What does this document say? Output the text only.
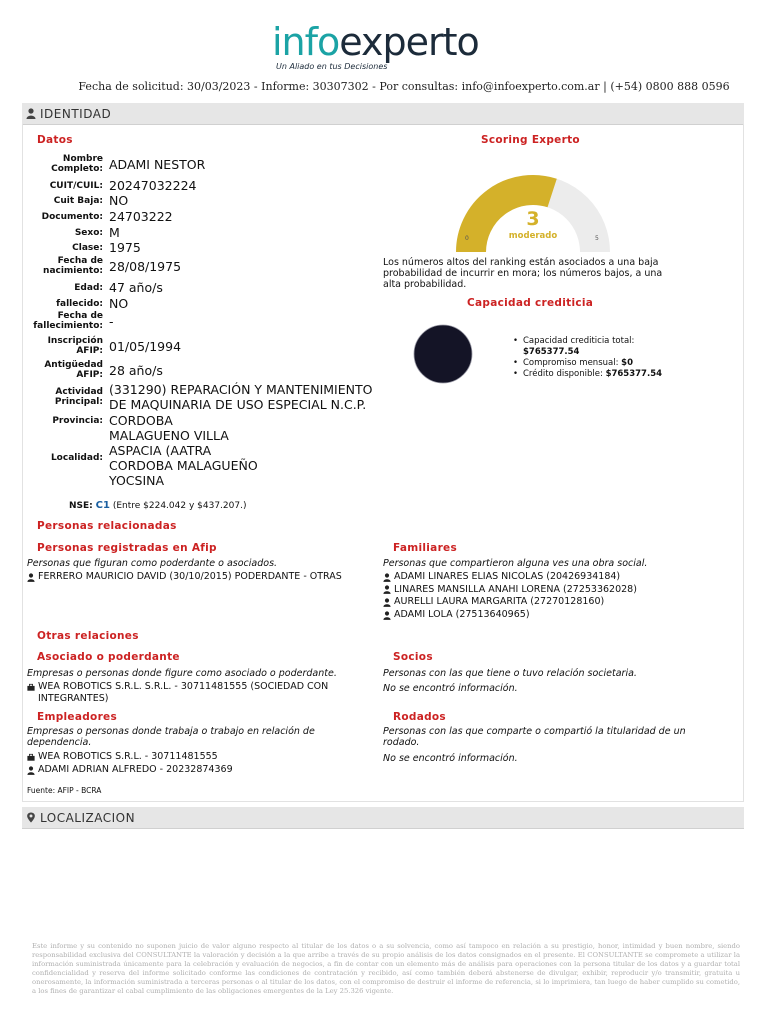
infoexperto
Un Aliado en tus Decisiones
Fecha de solicitud: 30/03/2023 - Informe: 30307302 - Por consultas: info@infoexperto.com.ar | (+54) 0800 888 0596
IDENTIDAD
Datos
Nombre Completo: ADAMI NESTOR
CUIT/CUIL: 20247032224
Cuit Baja: NO
Documento: 24703222
Sexo: M
Clase: 1975
Fecha de nacimiento: 28/08/1975
Edad: 47 año/s
fallecido: NO
Fecha de fallecimiento: -
Inscripción AFIP: 01/05/1994
Antigüedad AFIP: 28 año/s
Actividad Principal:
(331290) REPARACIÓN Y MANTENIMIENTO DE MAQUINARIA DE USO ESPECIAL N.C.P.
Provincia: CORDOBA
Localidad:
MALAGUENO VILLA ASPACIA (AATRA CORDOBA MALAGUEÑO YOCSINA
NSE: C1 (Entre $224.042 y $437.207.)
Scoring Experto
3
moderado
0	5
Los números altos del ranking están asociados a una baja probabilidad de incurrir en mora; los números bajos, a una alta probabilidad.
Capacidad crediticia
• Capacidad crediticia total:
$765377.54
• Compromiso mensual: $0
• Crédito disponible: $765377.54
Personas relacionadas
Personas registradas en Afip
Personas que figuran como poderdante o asociados.
FERRERO MAURICIO DAVID (30/10/2015) PODERDANTE - OTRAS
Familiares
Personas que compartieron alguna ves una obra social.
ADAMI LINARES ELIAS NICOLAS (20426934184)
LINARES MANSILLA ANAHI LORENA (27253362028)
AURELLI LAURA MARGARITA (27270128160)
ADAMI LOLA (27513640965)
Otras relaciones
Asociado o poderdante
Empresas o personas donde figure como asociado o poderdante.
WEA ROBOTICS S.R.L. S.R.L. - 30711481555 (SOCIEDAD CON INTEGRANTES)
Socios
Personas con las que tiene o tuvo relación societaria.
No se encontró información.
Empleadores
Empresas o personas donde trabaja o trabajo en relación de dependencia.
WEA ROBOTICS S.R.L. - 30711481555
ADAMI ADRIAN ALFREDO - 20232874369
Rodados
Personas con las que comparte o compartió la titularidad de un rodado.
No se encontró información.
Fuente: AFIP - BCRA
LOCALIZACION
Este informe y su contenido no suponen juicio de valor alguno respecto al titular de los datos o a su solvencia, como así tampoco en relación a su prestigio, honor, intimidad y buen nombre, siendo responsabilidad exclusiva del CONSULTANTE la valoración y decisión a la que arribe a través de su propio análisis de los datos consignados en el presente. El CONSULTANTE se compromete a utilizar la información suministrada únicamente para la celebración y evaluación de negocios, a fin de contar con un elemento más de análisis para operaciones con la persona titular de los datos y a guardar total confidencialidad y reserva del informe solicitado conforme las condiciones de contratación y recibido, así como también deberá abstenerse de divulgar, exhibir, reproducir y/o transmitir, gratuita u onerosamente, la información suministrada a terceras personas o al titular de los datos, con el compromiso de destruir el informe de referencia, si lo imprimiera, tan luego de haber cumplido su cometido, a los fines de garantizar el cabal cumplimiento de las obligaciones emergentes de la Ley 25.326 vigente.
